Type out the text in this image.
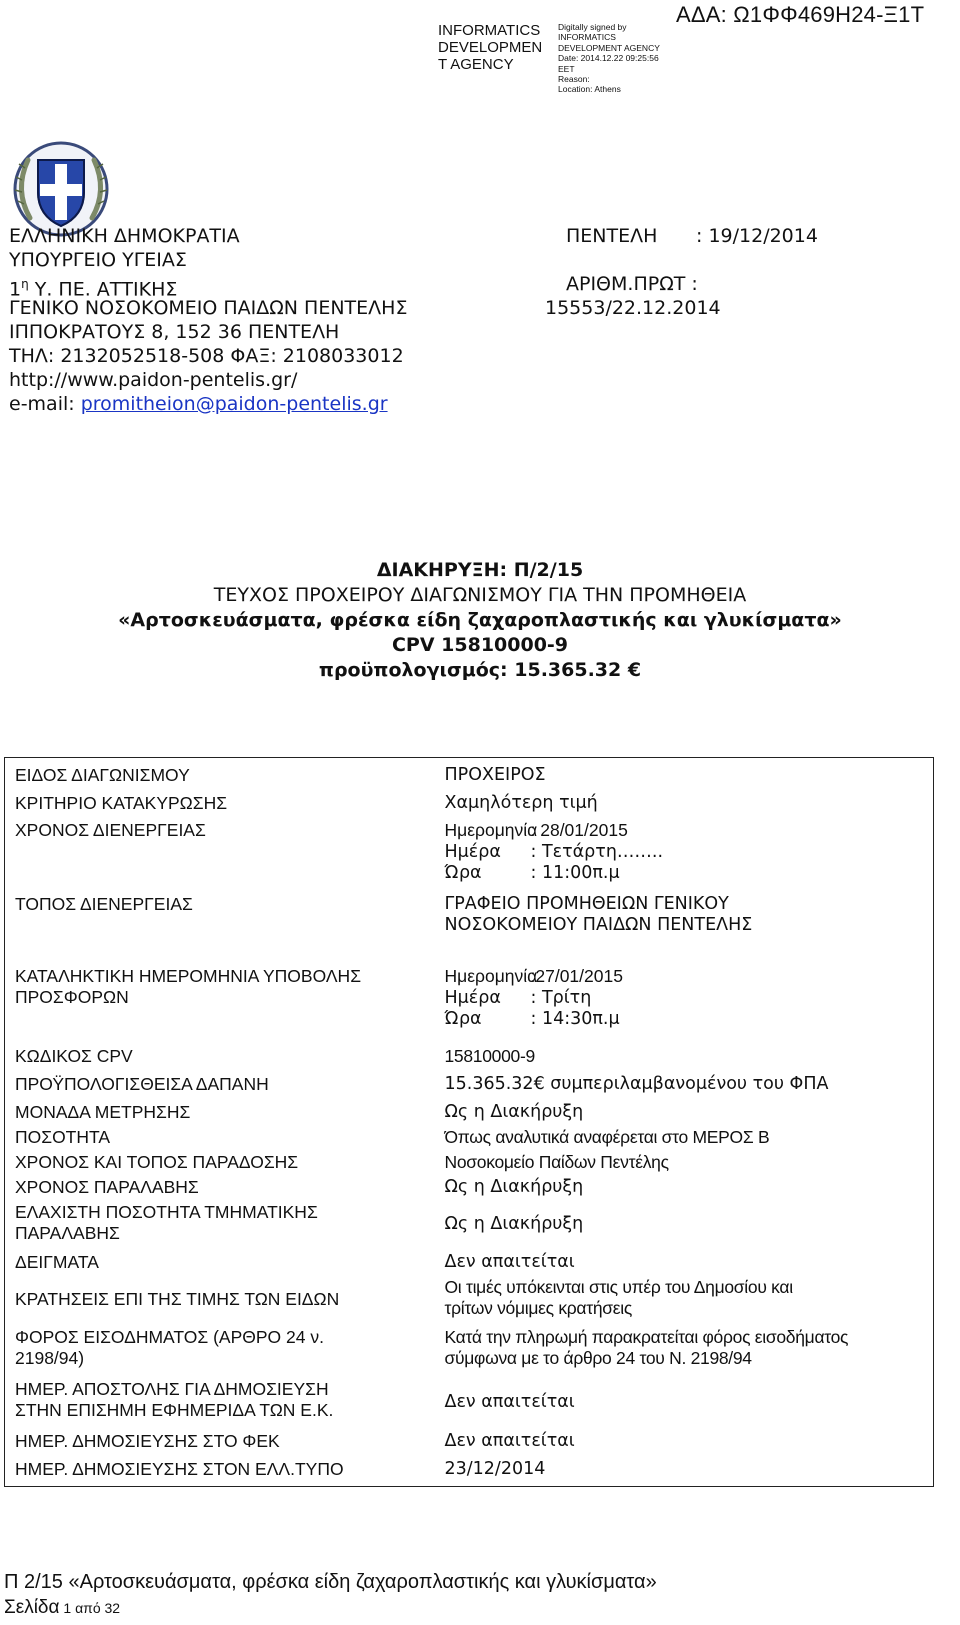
ΑΔΑ: Ω1ΦΦ469Η24-Ξ1Τ
INFORMATICS
DEVELOPMEN
T AGENCY
Digitally signed by
INFORMATICS
DEVELOPMENT AGENCY
Date: 2014.12.22 09:25:56
EET
Reason:
Location: Athens
ΕΛΛΗΝΙΚΗ ΔΗΜΟΚΡΑΤΙΑ
ΥΠΟΥΡΓΕΙΟ ΥΓΕΙΑΣ
$1^\eta$ Υ. ΠΕ. ΑΤΤΙΚΗΣ
ΓΕΝΙΚΟ ΝΟΣΟΚΟΜΕΙΟ ΠΑΙΔΩΝ ΠΕΝΤΕΛΗΣ
ΙΠΠΟΚΡΑΤΟΥΣ 8, 152 36 ΠΕΝΤΕΛΗ
ΤΗΛ: 2132052518-508 ΦΑΞ: 2108033012
http://www.paidon-pentelis.gr/
e-mail: promitheion@paidon-pentelis.gr
ΠΕΝΤΕΛΗ : 19/12/2014
ΑΡΙΘΜ.ΠΡΩΤ :
15553/22.12.2014
ΔΙΑΚΗΡΥΞΗ: Π/2/15
ΤΕΥΧΟΣ ΠΡΟΧΕΙΡΟΥ ΔΙΑΓΩΝΙΣΜΟΥ ΓΙΑ ΤΗΝ ΠΡΟΜΗΘΕΙΑ
«Αρτοσκευάσματα, φρέσκα είδη ζαχαροπλαστικής και γλυκίσματα»
CPV 15810000-9
προϋπολογισμός: 15.365.32 €
ΕΙΔΟΣ ΔΙΑΓΩΝΙΣΜΟΥ	ΠΡΟΧΕΙΡΟΣ
ΚΡΙΤΗΡΙΟ ΚΑΤΑΚΥΡΩΣΗΣ	Χαμηλότερη τιμή
ΧΡΟΝΟΣ ΔΙΕΝΕΡΓΕΙΑΣ	Ημερομηνία: 28/01/2015
Ημέρα : Τετάρτη……..
Ώρα : 11:00π.μ

ΤΟΠΟΣ ΔΙΕΝΕΡΓΕΙΑΣ	ΓΡΑΦΕΙΟ ΠΡΟΜΗΘΕΙΩΝ ΓΕΝΙΚΟΥ
ΝΟΣΟΚΟΜΕΙΟΥ ΠΑΙΔΩΝ ΠΕΝΤΕΛΗΣ

ΚΑΤΑΛΗΚΤΙΚΗ ΗΜΕΡΟΜΗΝΙΑ ΥΠΟΒΟΛΗΣ
ΠΡΟΣΦΟΡΩΝ	Ημερομηνία:27/01/2015
Ημέρα : Τρίτη
Ώρα : 14:30π.μ

ΚΩΔΙΚΟΣ CPV	15810000-9
ΠΡΟΫΠΟΛΟΓΙΣΘΕΙΣΑ ΔΑΠΑΝΗ	15.365.32€ συμπεριλαμβανομένου του ΦΠΑ
ΜΟΝΑΔΑ ΜΕΤΡΗΣΗΣ	Ως η Διακήρυξη
ΠΟΣΟΤΗΤΑ	Όπως αναλυτικά αναφέρεται στο ΜΕΡΟΣ Β
ΧΡΟΝΟΣ ΚΑΙ ΤΟΠΟΣ ΠΑΡΑΔΟΣΗΣ	Νοσοκομείο Παίδων Πεντέλης
ΧΡΟΝΟΣ ΠΑΡΑΛΑΒΗΣ	Ως η Διακήρυξη

ΕΛΑΧΙΣΤΗ ΠΟΣΟΤΗΤΑ ΤΜΗΜΑΤΙΚΗΣ
ΠΑΡΑΛΑΒΗΣ	Ως η Διακήρυξη
ΔΕΙΓΜΑΤΑ	Δεν απαιτείται
ΚΡΑΤΗΣΕΙΣ ΕΠΙ ΤΗΣ ΤΙΜΗΣ ΤΩΝ ΕΙΔΩΝ	Οι τιμές υπόκεινται στις υπέρ του Δημοσίου και
τρίτων νόμιμες κρατήσεις

ΦΟΡΟΣ ΕΙΣΟΔΗΜΑΤΟΣ (ΑΡΘΡΟ 24 ν.
2198/94)	Κατά την πληρωμή παρακρατείται φόρος εισοδήματος
σύμφωνα με το άρθρο 24 του Ν. 2198/94

ΗΜΕΡ. ΑΠΟΣΤΟΛΗΣ ΓΙΑ ΔΗΜΟΣΙΕΥΣΗ
ΣΤΗΝ ΕΠΙΣΗΜΗ ΕΦΗΜΕΡΙΔΑ ΤΩΝ Ε.Κ.	Δεν απαιτείται
ΗΜΕΡ. ΔΗΜΟΣΙΕΥΣΗΣ ΣΤΟ ΦΕΚ	Δεν απαιτείται
ΗΜΕΡ. ΔΗΜΟΣΙΕΥΣΗΣ ΣΤΟΝ ΕΛΛ.ΤΥΠΟ	23/12/2014
Π 2/15 «Αρτοσκευάσματα, φρέσκα είδη ζαχαροπλαστικής και γλυκίσματα»
Σελίδα 1 από 32
